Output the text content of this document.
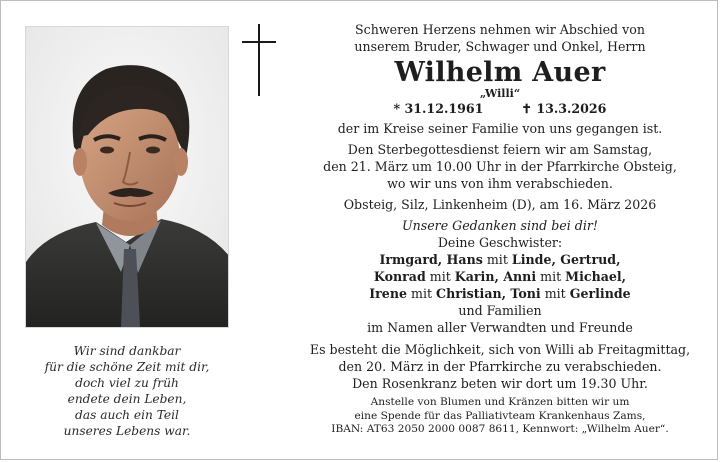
Wir sind dankbar
für die schöne Zeit mit dir,
doch viel zu früh
endete dein Leben,
das auch ein Teil
unseres Lebens war.
Schweren Herzens nehmen wir Abschied von
unserem Bruder, Schwager und Onkel, Herrn
Wilhelm Auer
„Willi“
* 31.12.1961	✝ 13.3.2026
der im Kreise seiner Familie von uns gegangen ist.
Den Sterbegottesdienst feiern wir am Samstag,
den 21. März um 10.00 Uhr in der Pfarrkirche Obsteig,
wo wir uns von ihm verabschieden.
Obsteig, Silz, Linkenheim (D), am 16. März 2026
Unsere Gedanken sind bei dir!
Deine Geschwister:
Irmgard, Hans mit Linde, Gertrud,
Konrad mit Karin, Anni mit Michael,
Irene mit Christian, Toni mit Gerlinde
und Familien
im Namen aller Verwandten und Freunde
Es besteht die Möglichkeit, sich von Willi ab Freitagmittag,
den 20. März in der Pfarrkirche zu verabschieden.
Den Rosenkranz beten wir dort um 19.30 Uhr.
Anstelle von Blumen und Kränzen bitten wir um
eine Spende für das Palliativteam Krankenhaus Zams,
IBAN: AT63 2050 2000 0087 8611, Kennwort: „Wilhelm Auer“.
